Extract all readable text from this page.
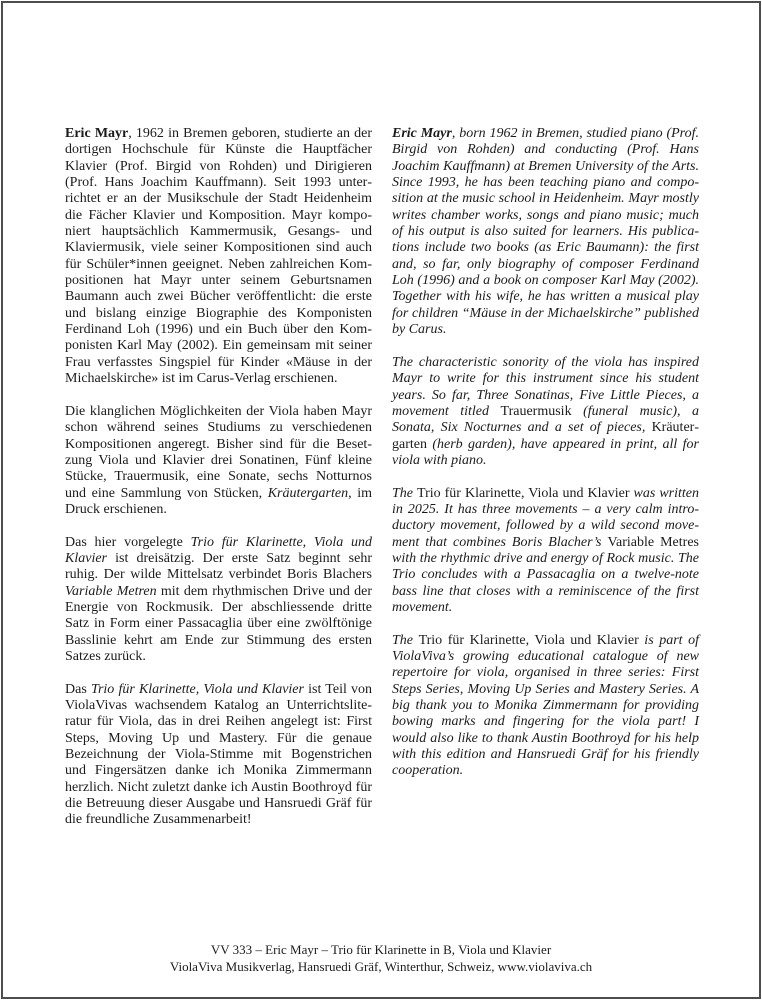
Eric Mayr, 1962 in Bremen geboren, studierte an der dortigen Hochschule für Künste die Hauptfächer Klavier (Prof. Birgid von Rohden) und Dirigieren (Prof. Hans Joachim Kauffmann). Seit 1993 unterrichtet er an der Musikschule der Stadt Heidenheim die Fächer Klavier und Komposition. Mayr komponiert hauptsächlich Kammermusik, Gesangs- und Klaviermusik, viele seiner Kompositionen sind auch für Schüler*innen geeignet. Neben zahlreichen Kompositionen hat Mayr unter seinem Geburtsnamen Baumann auch zwei Bücher veröffentlicht: die erste und bislang einzige Biographie des Komponisten Ferdinand Loh (1996) und ein Buch über den Komponisten Karl May (2002). Ein gemeinsam mit seiner Frau verfasstes Singspiel für Kinder «Mäuse in der Michaelskirche» ist im Carus-Verlag erschienen.

Die klanglichen Möglichkeiten der Viola haben Mayr schon während seines Studiums zu verschiedenen Kompositionen angeregt. Bisher sind für die Besetzung Viola und Klavier drei Sonatinen, Fünf kleine Stücke, Trauermusik, eine Sonate, sechs Notturnos und eine Sammlung von Stücken, Kräutergarten, im Druck erschienen.

Das hier vorgelegte Trio für Klarinette, Viola und Klavier ist dreisätzig. Der erste Satz beginnt sehr ruhig. Der wilde Mittelsatz verbindet Boris Blachers Variable Metren mit dem rhythmischen Drive und der Energie von Rockmusik. Der abschliessende dritte Satz in Form einer Passacaglia über eine zwölftönige Basslinie kehrt am Ende zur Stimmung des ersten Satzes zurück.

Das Trio für Klarinette, Viola und Klavier ist Teil von ViolaVivas wachsendem Katalog an Unterrichtsliteratur für Viola, das in drei Reihen angelegt ist: First Steps, Moving Up und Mastery. Für die genaue Bezeichnung der Viola-Stimme mit Bogenstrichen und Fingersätzen danke ich Monika Zimmermann herzlich. Nicht zuletzt danke ich Austin Boothroyd für die Betreuung dieser Ausgabe und Hansruedi Gräf für die freundliche Zusammenarbeit!

Eric Mayr, born 1962 in Bremen, studied piano (Prof. Birgid von Rohden) and conducting (Prof. Hans Joachim Kauffmann) at Bremen University of the Arts. Since 1993, he has been teaching piano and composition at the music school in Heidenheim. Mayr mostly writes chamber works, songs and piano music; much of his output is also suited for learners. His publications include two books (as Eric Baumann): the first and, so far, only biography of composer Ferdinand Loh (1996) and a book on composer Karl May (2002). Together with his wife, he has written a musical play for children “Mäuse in der Michaelskirche” published by Carus.

The characteristic sonority of the viola has inspired Mayr to write for this instrument since his student years. So far, Three Sonatinas, Five Little Pieces, a movement titled Trauermusik (funeral music), a Sonata, Six Nocturnes and a set of pieces, Kräutergarten (herb garden), have appeared in print, all for viola with piano.

The Trio für Klarinette, Viola und Klavier was written in 2025. It has three movements – a very calm introductory movement, followed by a wild second movement that combines Boris Blacher’s Variable Metres with the rhythmic drive and energy of Rock music. The Trio concludes with a Passacaglia on a twelve-note bass line that closes with a reminiscence of the first movement.

The Trio für Klarinette, Viola und Klavier is part of ViolaViva’s growing educational catalogue of new repertoire for viola, organised in three series: First Steps Series, Moving Up Series and Mastery Series. A big thank you to Monika Zimmermann for providing bowing marks and fingering for the viola part! I would also like to thank Austin Boothroyd for his help with this edition and Hansruedi Gräf for his friendly cooperation.

VV 333 – Eric Mayr – Trio für Klarinette in B, Viola und Klavier
ViolaViva Musikverlag, Hansruedi Gräf, Winterthur, Schweiz, www.violaviva.ch
